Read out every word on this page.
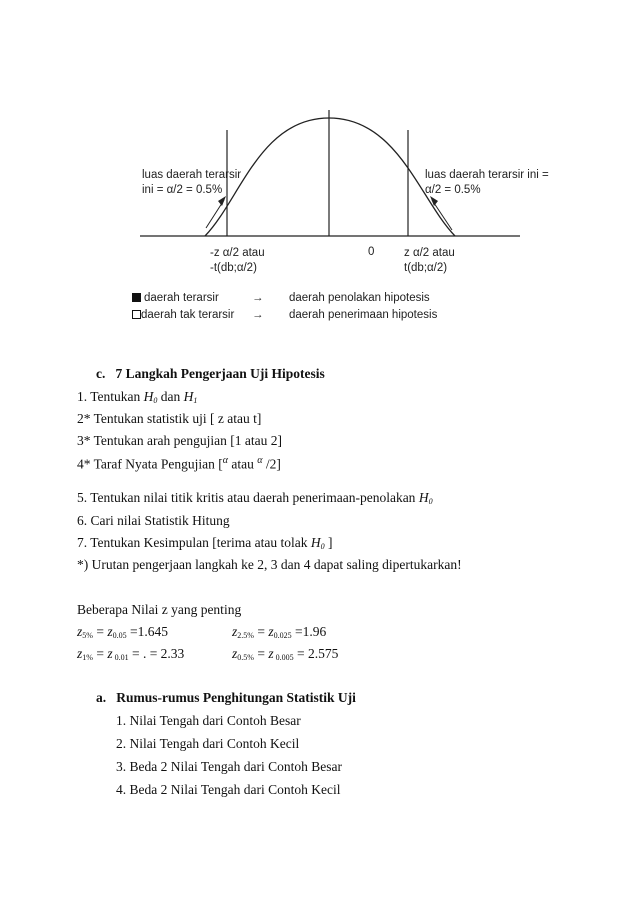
luas daerah terarsir
ini = α/2 = 0.5%
luas daerah terarsir ini =
α/2 = 0.5%
-z α/2 atau
-t(db;α/2)
0	z α/2 atau
t(db;α/2)
daerah terarsir	→ daerah penolakan hipotesis
daerah tak terarsir → daerah penerimaan hipotesis
c. 7 Langkah Pengerjaan Uji Hipotesis
1. Tentukan $H_0$ dan $H_1$
2* Tentukan statistik uji [ z atau t]
3* Tentukan arah pengujian [1 atau 2]
4* Taraf Nyata Pengujian [$^\alpha$ atau $^\alpha$ /2]
5. Tentukan nilai titik kritis atau daerah penerimaan-penolakan $H_0$
6. Cari nilai Statistik Hitung
7. Tentukan Kesimpulan [terima atau tolak $H_0$ ]
*) Urutan pengerjaan langkah ke 2, 3 dan 4 dapat saling dipertukarkan!
Beberapa Nilai z yang penting
$z_{5\%} = z_{0.05} =1.645$	$z_{2.5\%} = z_{0.025} =1.96$
$z_{1\%} = z$ $_{0.01}$ = . = 2.33	$z_{0.5\%} = z$ $_{0.005}$ = 2.575
a. Rumus-rumus Penghitungan Statistik Uji
1. Nilai Tengah dari Contoh Besar
2. Nilai Tengah dari Contoh Kecil
3. Beda 2 Nilai Tengah dari Contoh Besar
4. Beda 2 Nilai Tengah dari Contoh Kecil
